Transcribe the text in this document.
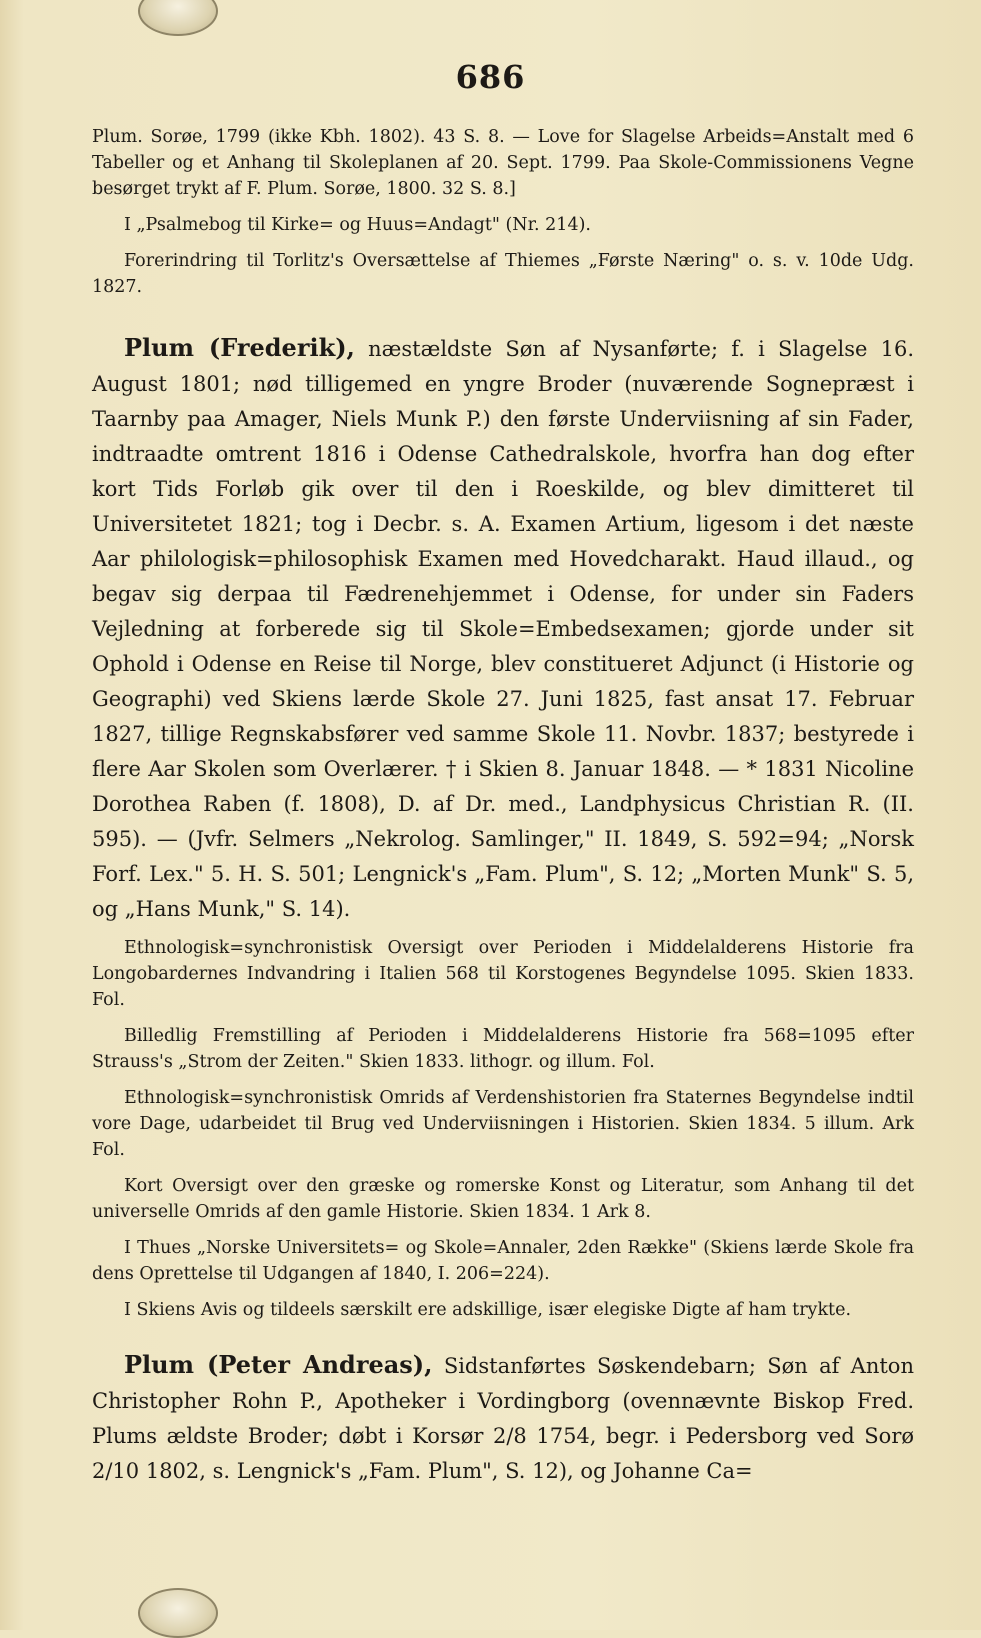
686

Plum. Sorøe, 1799 (ikke Kbh. 1802). 43 S. 8. — Love for Slagelse Arbeids=Anstalt med 6 Tabeller og et Anhang til Skoleplanen af 20. Sept. 1799. Paa Skole-Commissionens Vegne besørget trykt af F. Plum. Sorøe, 1800. 32 S. 8.]

I „Psalmebog til Kirke= og Huus=Andagt" (Nr. 214).

Forerindring til Torlitz's Oversættelse af Thiemes „Første Næring" o. s. v. 10de Udg. 1827.

Plum (Frederik), næstældste Søn af Nysanførte; f. i Slagelse 16. August 1801; nød tilligemed en yngre Broder (nuværende Sognepræst i Taarnby paa Amager, Niels Munk P.) den første Underviisning af sin Fader, indtraadte omtrent 1816 i Odense Cathedralskole, hvorfra han dog efter kort Tids Forløb gik over til den i Roeskilde, og blev dimitteret til Universitetet 1821; tog i Decbr. s. A. Examen Artium, ligesom i det næste Aar philologisk=philosophisk Examen med Hovedcharakt. Haud illaud., og begav sig derpaa til Fædrenehjemmet i Odense, for under sin Faders Vejledning at forberede sig til Skole=Embedsexamen; gjorde under sit Ophold i Odense en Reise til Norge, blev constitueret Adjunct (i Historie og Geographi) ved Skiens lærde Skole 27. Juni 1825, fast ansat 17. Februar 1827, tillige Regnskabsfører ved samme Skole 11. Novbr. 1837; bestyrede i flere Aar Skolen som Overlærer. † i Skien 8. Januar 1848. — * 1831 Nicoline Dorothea Raben (f. 1808), D. af Dr. med., Landphysicus Christian R. (II. 595). — (Jvfr. Selmers „Nekrolog. Samlinger," II. 1849, S. 592=94; „Norsk Forf. Lex." 5. H. S. 501; Lengnick's „Fam. Plum", S. 12; „Morten Munk" S. 5, og „Hans Munk," S. 14).

Ethnologisk=synchronistisk Oversigt over Perioden i Middelalderens Historie fra Longobardernes Indvandring i Italien 568 til Korstogenes Begyndelse 1095. Skien 1833. Fol.

Billedlig Fremstilling af Perioden i Middelalderens Historie fra 568=1095 efter Strauss's „Strom der Zeiten." Skien 1833. lithogr. og illum. Fol.

Ethnologisk=synchronistisk Omrids af Verdenshistorien fra Staternes Begyndelse indtil vore Dage, udarbeidet til Brug ved Underviisningen i Historien. Skien 1834. 5 illum. Ark Fol.

Kort Oversigt over den græske og romerske Konst og Literatur, som Anhang til det universelle Omrids af den gamle Historie. Skien 1834. 1 Ark 8.

I Thues „Norske Universitets= og Skole=Annaler, 2den Række" (Skiens lærde Skole fra dens Oprettelse til Udgangen af 1840, I. 206=224).

I Skiens Avis og tildeels særskilt ere adskillige, især elegiske Digte af ham trykte.

Plum (Peter Andreas), Sidstanførtes Søskendebarn; Søn af Anton Christopher Rohn P., Apotheker i Vordingborg (ovennævnte Biskop Fred. Plums ældste Broder; døbt i Korsør 2/8 1754, begr. i Pedersborg ved Sorø 2/10 1802, s. Lengnick's „Fam. Plum", S. 12), og Johanne Ca=
